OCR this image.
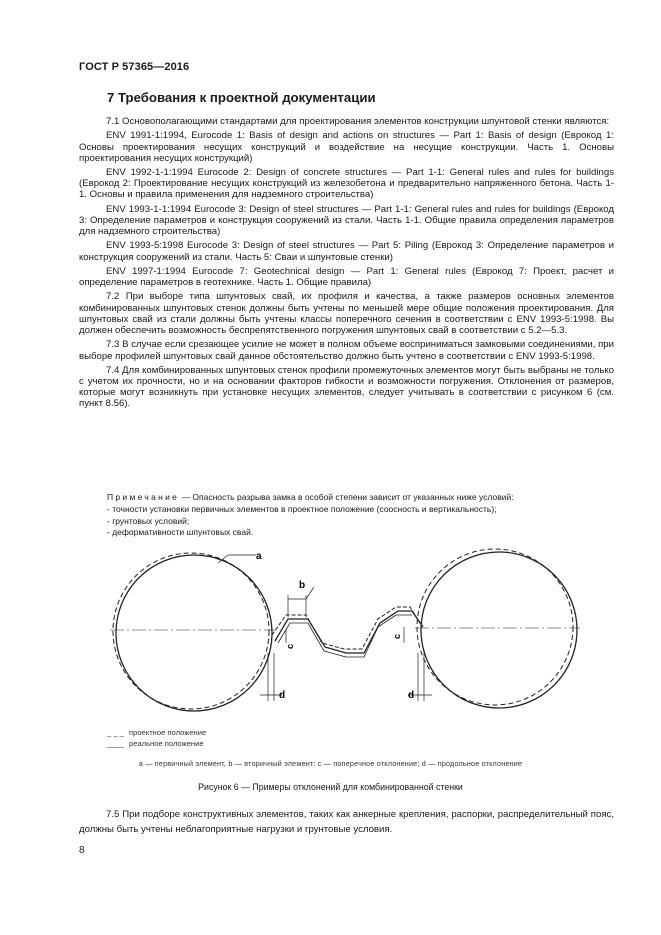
ГОСТ Р 57365—2016
7 Требования к проектной документации

7.1 Основополагающими стандартами для проектирования элементов конструкции шпунтовой стенки являются:

ENV 1991-1:1994, Eurocode 1: Basis of design and actions on structures — Part 1: Basis of design (Еврокод 1: Основы проектирования несущих конструкций и воздействие на несущие конструкции. Часть 1. Основы проектирования несущих конструкций)

ENV 1992-1-1:1994 Eurocode 2: Design of concrete structures — Part 1-1: General rules and rules for buildings (Еврокод 2: Проектирование несущих конструкций из железобетона и предварительно напряженного бетона. Часть 1-1. Основы и правила применения для надземного строительства)

ENV 1993-1-1:1994 Eurocode 3: Design of steel structures — Part 1-1: General rules and rules for buildings (Еврокод 3: Определение параметров и конструкция сооружений из стали. Часть 1-1. Общие правила определения параметров для надземного строительства)

ENV 1993-5:1998 Eurocode 3: Design of steel structures — Part 5: Piling (Еврокод 3: Определение параметров и конструкция сооружений из стали. Часть 5: Сваи и шпунтовые стенки)

ENV 1997-1:1994 Eurocode 7: Geotechnical design — Part 1: General rules (Еврокод 7: Проект, расчет и определение параметров в геотехнике. Часть 1. Общие правила)

7.2 При выборе типа шпунтовых свай, их профиля и качества, а также размеров основных элементов комбинированных шпунтовых стенок должны быть учтены по меньшей мере общие положения проектирования. Для шпунтовых свай из стали должны быть учтены классы поперечного сечения в соответствии с ENV 1993-5:1998. Вы должен обеспечить возможность беспрепятственного погружения шпунтовых свай в соответствии с 5.2—5.3.

7.3 В случае если срезающее усилие не может в полном объеме восприниматься замковыми соединениями, при выборе профилей шпунтовых свай данное обстоятельство должно быть учтено в соответствии с ENV 1993-5:1998.

7.4 Для комбинированных шпунтовых стенок профили промежуточных элементов могут быть выбраны не только с учетом их прочности, но и на основании факторов гибкости и возможности погружения. Отклонения от размеров, которые могут возникнуть при установке несущих элементов, следует учитывать в соответствии с рисунком 6 (см. пункт 8.56).

Примечание — Опасность разрыва замка в особой степени зависит от указанных ниже условий:
- точности установки первичных элементов в проектное положение (соосность и вертикальность);
- грунтовых условий;
- деформативности шпунтовых свай.
a
b
c
c
d	d
_ _ _ проектное положение
____ реальное положение
a — первичный элемент, b — вторичный элемент: c — поперечное отклонение; d — продольное отклонение
Рисунок 6 — Примеры отклонений для комбинированной стенки

7.5 При подборе конструктивных элементов, таких как анкерные крепления, распорки, распределительный пояс, должны быть учтены неблагоприятные нагрузки и грунтовые условия.

8
